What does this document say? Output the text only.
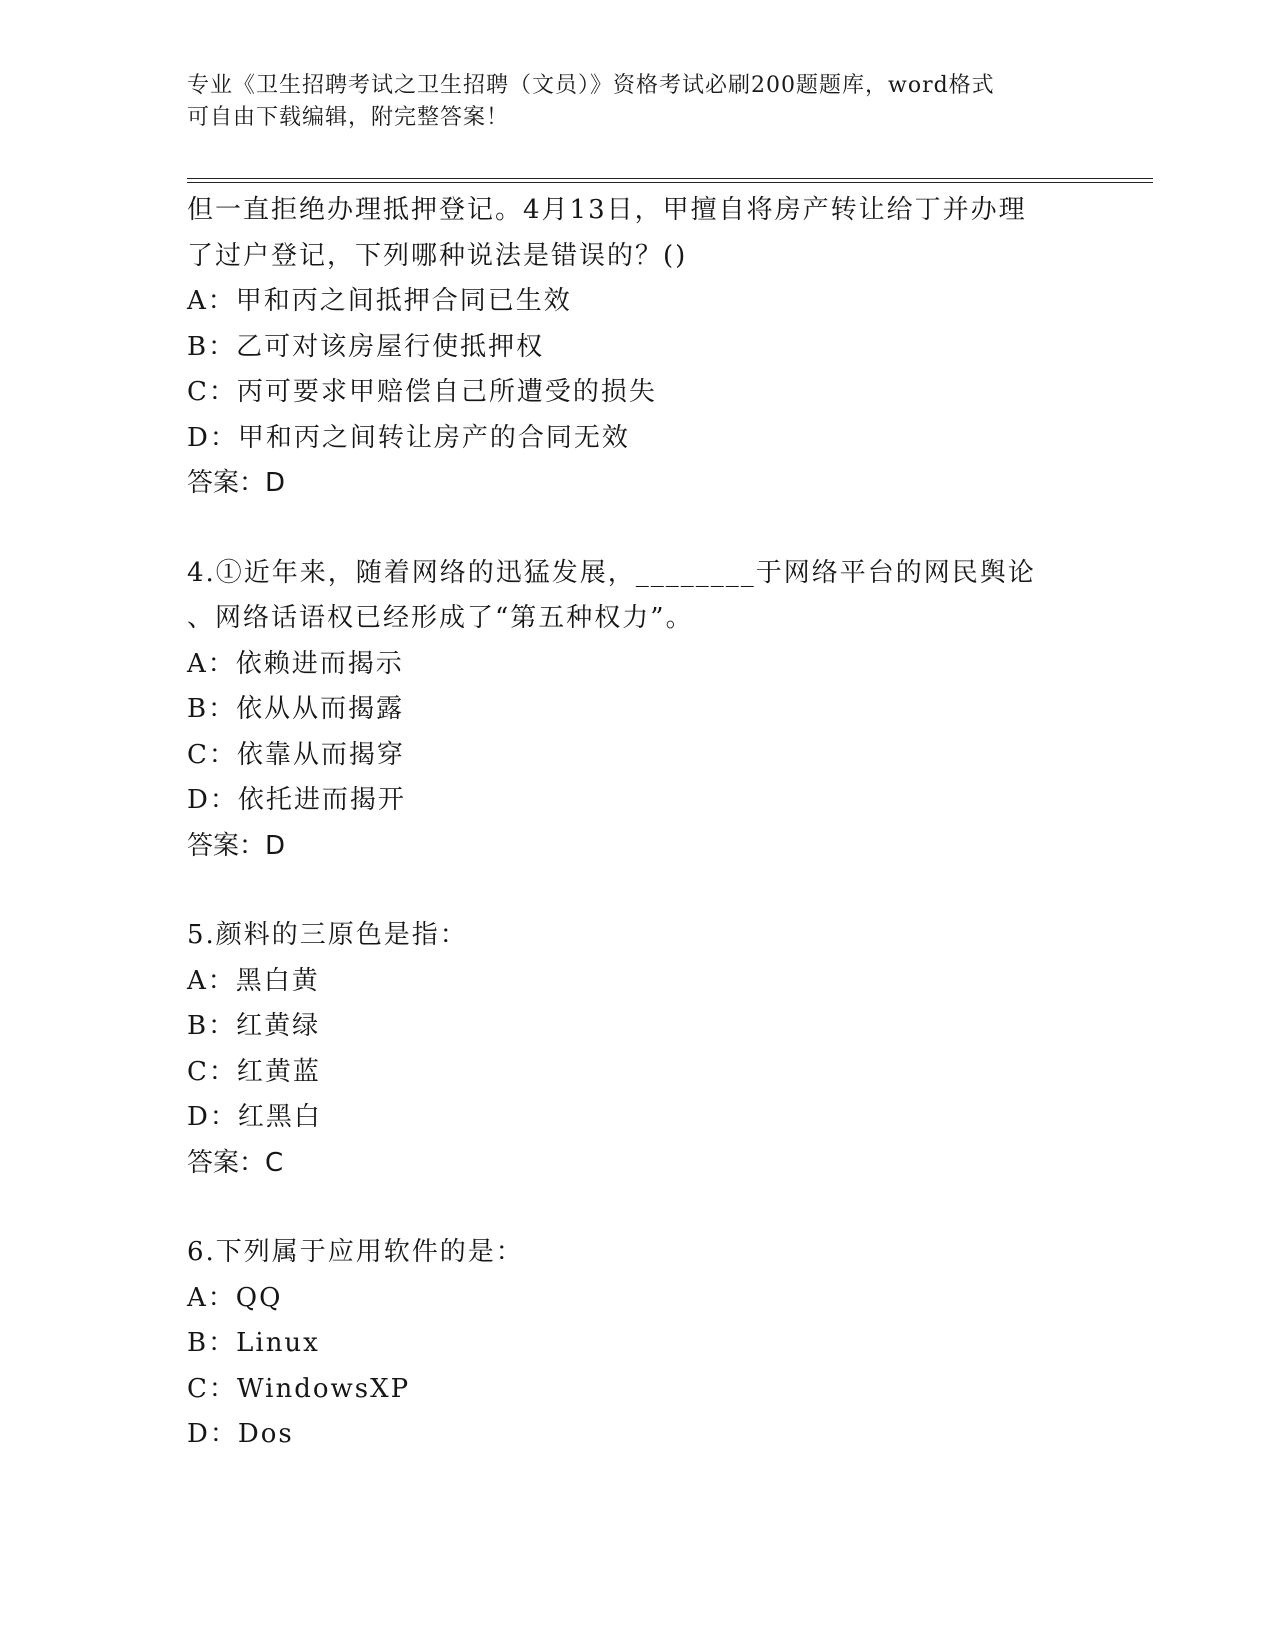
专业《卫生招聘考试之卫生招聘（文员）》资格考试必刷200题题库，word格式
可自由下载编辑，附完整答案！
但一直拒绝办理抵押登记。4月13日，甲擅自将房产转让给丁并办理
了过户登记，下列哪种说法是错误的？()
A：甲和丙之间抵押合同已生效
B：乙可对该房屋行使抵押权
C：丙可要求甲赔偿自己所遭受的损失
D：甲和丙之间转让房产的合同无效
答案：D
4.①近年来，随着网络的迅猛发展，________于网络平台的网民舆论
、网络话语权已经形成了“第五种权力”。
A：依赖进而揭示
B：依从从而揭露
C：依靠从而揭穿
D：依托进而揭开
答案：D
5.颜料的三原色是指：
A：黑白黄
B：红黄绿
C：红黄蓝
D：红黑白
答案：C
6.下列属于应用软件的是：
A：QQ
B：Linux
C：WindowsXP
D：Dos
